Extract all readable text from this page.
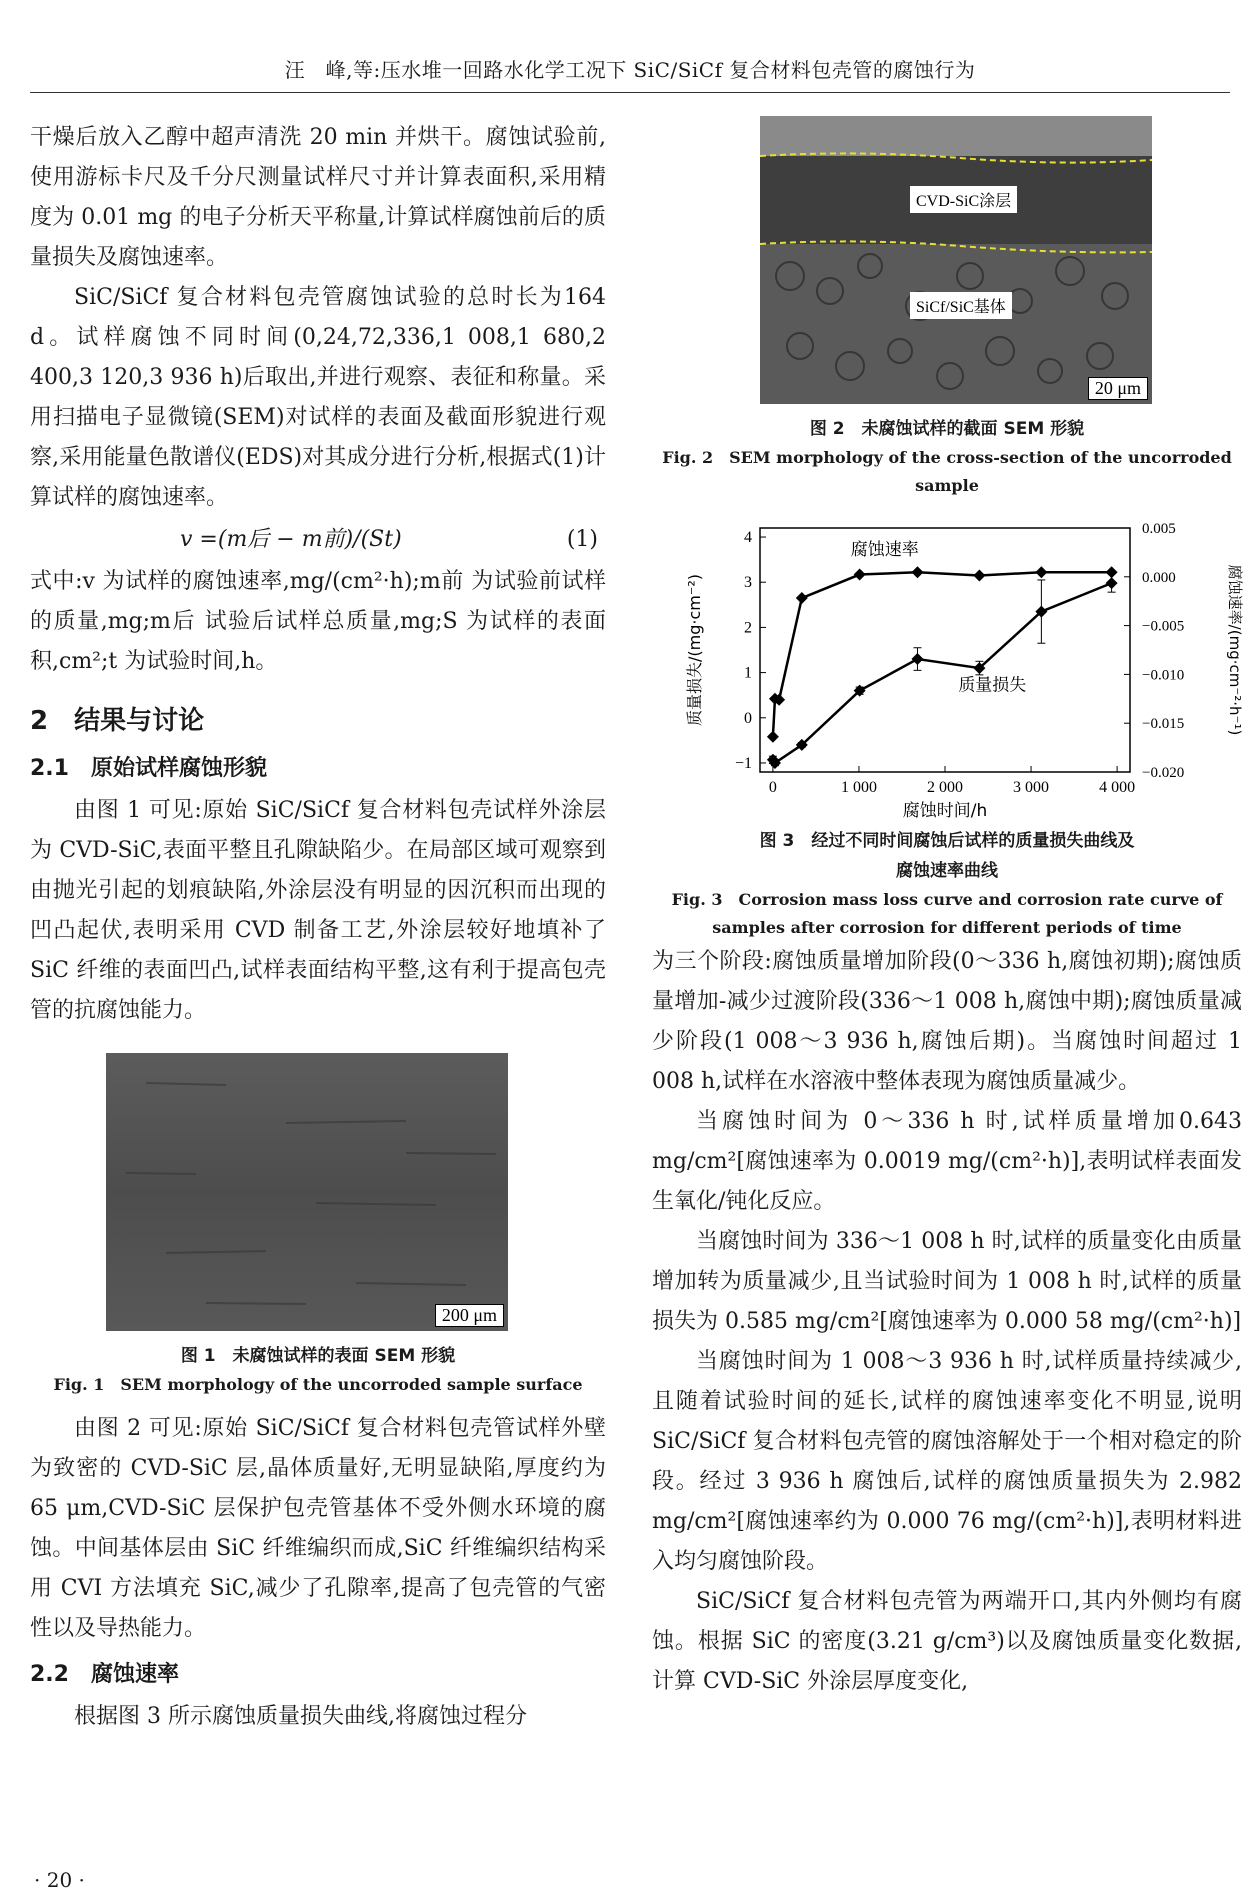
汪　峰,等:压水堆一回路水化学工况下 SiC/SiCf 复合材料包壳管的腐蚀行为

干燥后放入乙醇中超声清洗 20 min 并烘干。腐蚀试验前,使用游标卡尺及千分尺测量试样尺寸并计算表面积,采用精度为 0.01 mg 的电子分析天平称量,计算试样腐蚀前后的质量损失及腐蚀速率。

SiC/SiCf 复合材料包壳管腐蚀试验的总时长为164 d。试样腐蚀不同时间(0,24,72,336,1 008,1 680,2 400,3 120,3 936 h)后取出,并进行观察、表征和称量。采用扫描电子显微镜(SEM)对试样的表面及截面形貌进行观察,采用能量色散谱仪(EDS)对其成分进行分析,根据式(1)计算试样的腐蚀速率。

v =(m后 − m前)/(St)	(1)

式中:v 为试样的腐蚀速率,mg/(cm²·h);m前 为试验前试样的质量,mg;m后 试验后试样总质量,mg;S 为试样的表面积,cm²;t 为试验时间,h。

2　结果与讨论
2.1　原始试样腐蚀形貌

由图 1 可见:原始 SiC/SiCf 复合材料包壳试样外涂层为 CVD-SiC,表面平整且孔隙缺陷少。在局部区域可观察到由抛光引起的划痕缺陷,外涂层没有明显的因沉积而出现的凹凸起伏,表明采用 CVD 制备工艺,外涂层较好地填补了 SiC 纤维的表面凹凸,试样表面结构平整,这有利于提高包壳管的抗腐蚀能力。

200 μm
图 1　未腐蚀试样的表面 SEM 形貌
Fig. 1　SEM morphology of the uncorroded sample surface

由图 2 可见:原始 SiC/SiCf 复合材料包壳管试样外壁为致密的 CVD-SiC 层,晶体质量好,无明显缺陷,厚度约为 65 μm,CVD-SiC 层保护包壳管基体不受外侧水环境的腐蚀。中间基体层由 SiC 纤维编织而成,SiC 纤维编织结构采用 CVI 方法填充 SiC,减少了孔隙率,提高了包壳管的气密性以及导热能力。

2.2　腐蚀速率

根据图 3 所示腐蚀质量损失曲线,将腐蚀过程分

CVD-SiC涂层
SiCf/SiC基体
20 μm
图 2　未腐蚀试样的截面 SEM 形貌
Fig. 2　SEM morphology of the cross-section of the uncorroded sample
0	1 000	2 000	3 000	4 000
−1
0
1
2
3
4
0.005
0.000
−0.005
−0.010
−0.015
−0.020
腐蚀时间/h
质量损失/(mg·cm⁻²)	腐蚀速率/(mg·cm⁻²·h⁻¹)
腐蚀速率
质量损失
图 3　经过不同时间腐蚀后试样的质量损失曲线及
腐蚀速率曲线
Fig. 3　Corrosion mass loss curve and corrosion rate curve of
samples after corrosion for different periods of time

为三个阶段:腐蚀质量增加阶段(0～336 h,腐蚀初期);腐蚀质量增加-减少过渡阶段(336～1 008 h,腐蚀中期);腐蚀质量减少阶段(1 008～3 936 h,腐蚀后期)。当腐蚀时间超过 1 008 h,试样在水溶液中整体表现为腐蚀质量减少。

当腐蚀时间为 0～336 h 时,试样质量增加0.643 mg/cm²[腐蚀速率为 0.0019 mg/(cm²·h)],表明试样表面发生氧化/钝化反应。

当腐蚀时间为 336～1 008 h 时,试样的质量变化由质量增加转为质量减少,且当试验时间为 1 008 h 时,试样的质量损失为 0.585 mg/cm²[腐蚀速率为 0.000 58 mg/(cm²·h)]

当腐蚀时间为 1 008～3 936 h 时,试样质量持续减少,且随着试验时间的延长,试样的腐蚀速率变化不明显,说明 SiC/SiCf 复合材料包壳管的腐蚀溶解处于一个相对稳定的阶段。经过 3 936 h 腐蚀后,试样的腐蚀质量损失为 2.982 mg/cm²[腐蚀速率约为 0.000 76 mg/(cm²·h)],表明材料进入均匀腐蚀阶段。

SiC/SiCf 复合材料包壳管为两端开口,其内外侧均有腐蚀。根据 SiC 的密度(3.21 g/cm³)以及腐蚀质量变化数据,计算 CVD-SiC 外涂层厚度变化,

· 20 ·
